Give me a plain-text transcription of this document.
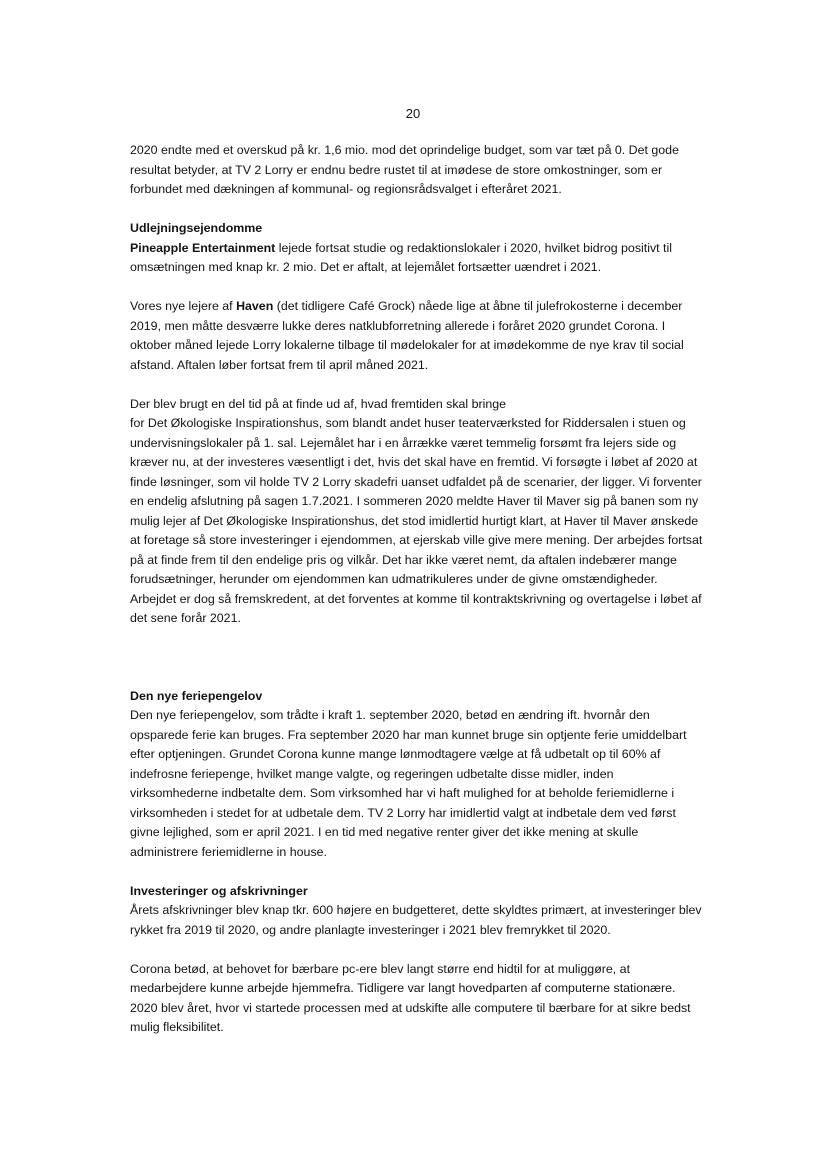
20

2020 endte med et overskud på kr. 1,6 mio. mod det oprindelige budget, som var tæt på 0. Det gode resultat betyder, at TV 2 Lorry er endnu bedre rustet til at imødese de store omkostninger, som er forbundet med dækningen af kommunal- og regionsrådsvalget i efteråret 2021.

Udlejningsejendomme

Pineapple Entertainment lejede fortsat studie og redaktionslokaler i 2020, hvilket bidrog positivt til omsætningen med knap kr. 2 mio. Det er aftalt, at lejemålet fortsætter uændret i 2021.

Vores nye lejere af Haven (det tidligere Café Grock) nåede lige at åbne til julefrokosterne i december 2019, men måtte desværre lukke deres natklubforretning allerede i foråret 2020 grundet Corona. I oktober måned lejede Lorry lokalerne tilbage til mødelokaler for at imødekomme de nye krav til social afstand. Aftalen løber fortsat frem til april måned 2021.

Der blev brugt en del tid på at finde ud af, hvad fremtiden skal bringe
for Det Økologiske Inspirationshus, som blandt andet huser teaterværksted for Riddersalen i stuen og undervisningslokaler på 1. sal. Lejemålet har i en årrække været temmelig forsømt fra lejers side og kræver nu, at der investeres væsentligt i det, hvis det skal have en fremtid. Vi forsøgte i løbet af 2020 at finde løsninger, som vil holde TV 2 Lorry skadefri uanset udfaldet på de scenarier, der ligger. Vi forventer en endelig afslutning på sagen 1.7.2021. I sommeren 2020 meldte Haver til Maver sig på banen som ny mulig lejer af Det Økologiske Inspirationshus, det stod imidlertid hurtigt klart, at Haver til Maver ønskede at foretage så store investeringer i ejendommen, at ejerskab ville give mere mening. Der arbejdes fortsat på at finde frem til den endelige pris og vilkår. Det har ikke været nemt, da aftalen indebærer mange forudsætninger, herunder om ejendommen kan udmatrikuleres under de givne omstændigheder. Arbejdet er dog så fremskredent, at det forventes at komme til kontraktskrivning og overtagelse i løbet af det sene forår 2021.

Den nye feriepengelov

Den nye feriepengelov, som trådte i kraft 1. september 2020, betød en ændring ift. hvornår den opsparede ferie kan bruges. Fra september 2020 har man kunnet bruge sin optjente ferie umiddelbart efter optjeningen. Grundet Corona kunne mange lønmodtagere vælge at få udbetalt op til 60% af indefrosne feriepenge, hvilket mange valgte, og regeringen udbetalte disse midler, inden virksomhederne indbetalte dem. Som virksomhed har vi haft mulighed for at beholde feriemidlerne i virksomheden i stedet for at udbetale dem. TV 2 Lorry har imidlertid valgt at indbetale dem ved først givne lejlighed, som er april 2021. I en tid med negative renter giver det ikke mening at skulle administrere feriemidlerne in house.

Investeringer og afskrivninger

Årets afskrivninger blev knap tkr. 600 højere en budgetteret, dette skyldtes primært, at investeringer blev rykket fra 2019 til 2020, og andre planlagte investeringer i 2021 blev fremrykket til 2020.

Corona betød, at behovet for bærbare pc-ere blev langt større end hidtil for at muliggøre, at medarbejdere kunne arbejde hjemmefra. Tidligere var langt hovedparten af computerne stationære. 2020 blev året, hvor vi startede processen med at udskifte alle computere til bærbare for at sikre bedst mulig fleksibilitet.
